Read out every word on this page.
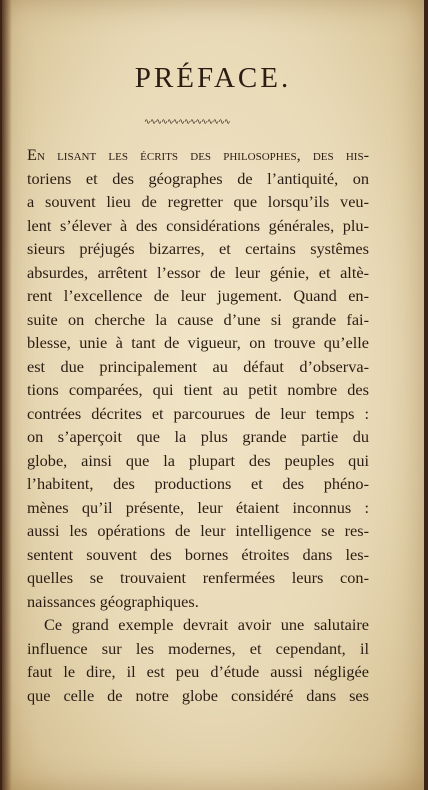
PRÉFACE.
∿∿∿∿∿∿∿∿∿∿∿∿∿∿∿
En lisant les écrits des philosophes, des his-
toriens et des géographes de l’antiquité, on
a souvent lieu de regretter que lorsqu’ils veu-
lent s’élever à des considérations générales, plu-
sieurs préjugés bizarres, et certains systêmes
absurdes, arrêtent l’essor de leur génie, et altè-
rent l’excellence de leur jugement. Quand en-
suite on cherche la cause d’une si grande fai-
blesse, unie à tant de vigueur, on trouve qu’elle
est due principalement au défaut d’observa-
tions comparées, qui tient au petit nombre des
contrées décrites et parcourues de leur temps :
on s’aperçoit que la plus grande partie du
globe, ainsi que la plupart des peuples qui
l’habitent, des productions et des phéno-
mènes qu’il présente, leur étaient inconnus :
aussi les opérations de leur intelligence se res-
sentent souvent des bornes étroites dans les-
quelles se trouvaient renfermées leurs con-
naissances géographiques.
Ce grand exemple devrait avoir une salutaire
influence sur les modernes, et cependant, il
faut le dire, il est peu d’étude aussi négligée
que celle de notre globe considéré dans ses
